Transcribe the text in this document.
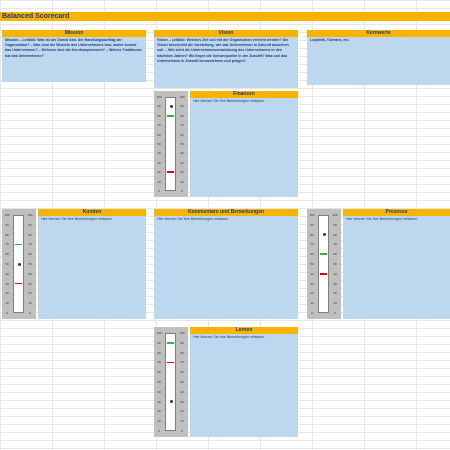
Balanced Scorecard
Mission
Mission – Leitbild: Was ist der Zweck bzw. der Handlungsauftrag der Organisation? – Was sind die Wurzeln des Unternehmens bzw. woher kommt das Unternehmen? – Welches sind die Kernkompetenzen? – Welche Traditionen hat das Unternehmen?
Vision
Vision – Leitbild: Welches Ziel soll mit der Organisation erreicht werden? Die Vision beschreibt die Vorstellung, wie das Unternehmen in Zukunft aussehen soll. – Wie sieht die Unternehmensentwicklung des Unternehmens in den nächsten Jahren? Wo liegen die Schwerpunkte in der Zukunft? Was soll das Unternehmen in Zukunft kennzeichnen und prägen?
Kernwerte
Loyalität, Toleranz, etc.
100	100
90	90
80	80
70	70
60	60
50	50
40	40
30	30
20	20
10	10
0	0
Finanzen
Hier können Sie Ihre Bemerkungen erfassen.
100	100
90	90
80	80
70	70
60	60
50	50
40	40
30	30
20	20
10	10
0	0
Kunden
Hier können Sie Ihre Bemerkungen erfassen.
Kommentare und Bemerkungen
Hier können Sie Ihre Bemerkungen erfassen.
100	100
90	90
80	80
70	70
60	60
50	50
40	40
30	30
20	20
10	10
0	0
Prozesse
Hier können Sie Ihre Bemerkungen erfassen.
100	100
90	90
80	80
70	70
60	60
50	50
40	40
30	30
20	20
10	10
0	0
Lernen
Hier können Sie Ihre Bemerkungen erfassen.
